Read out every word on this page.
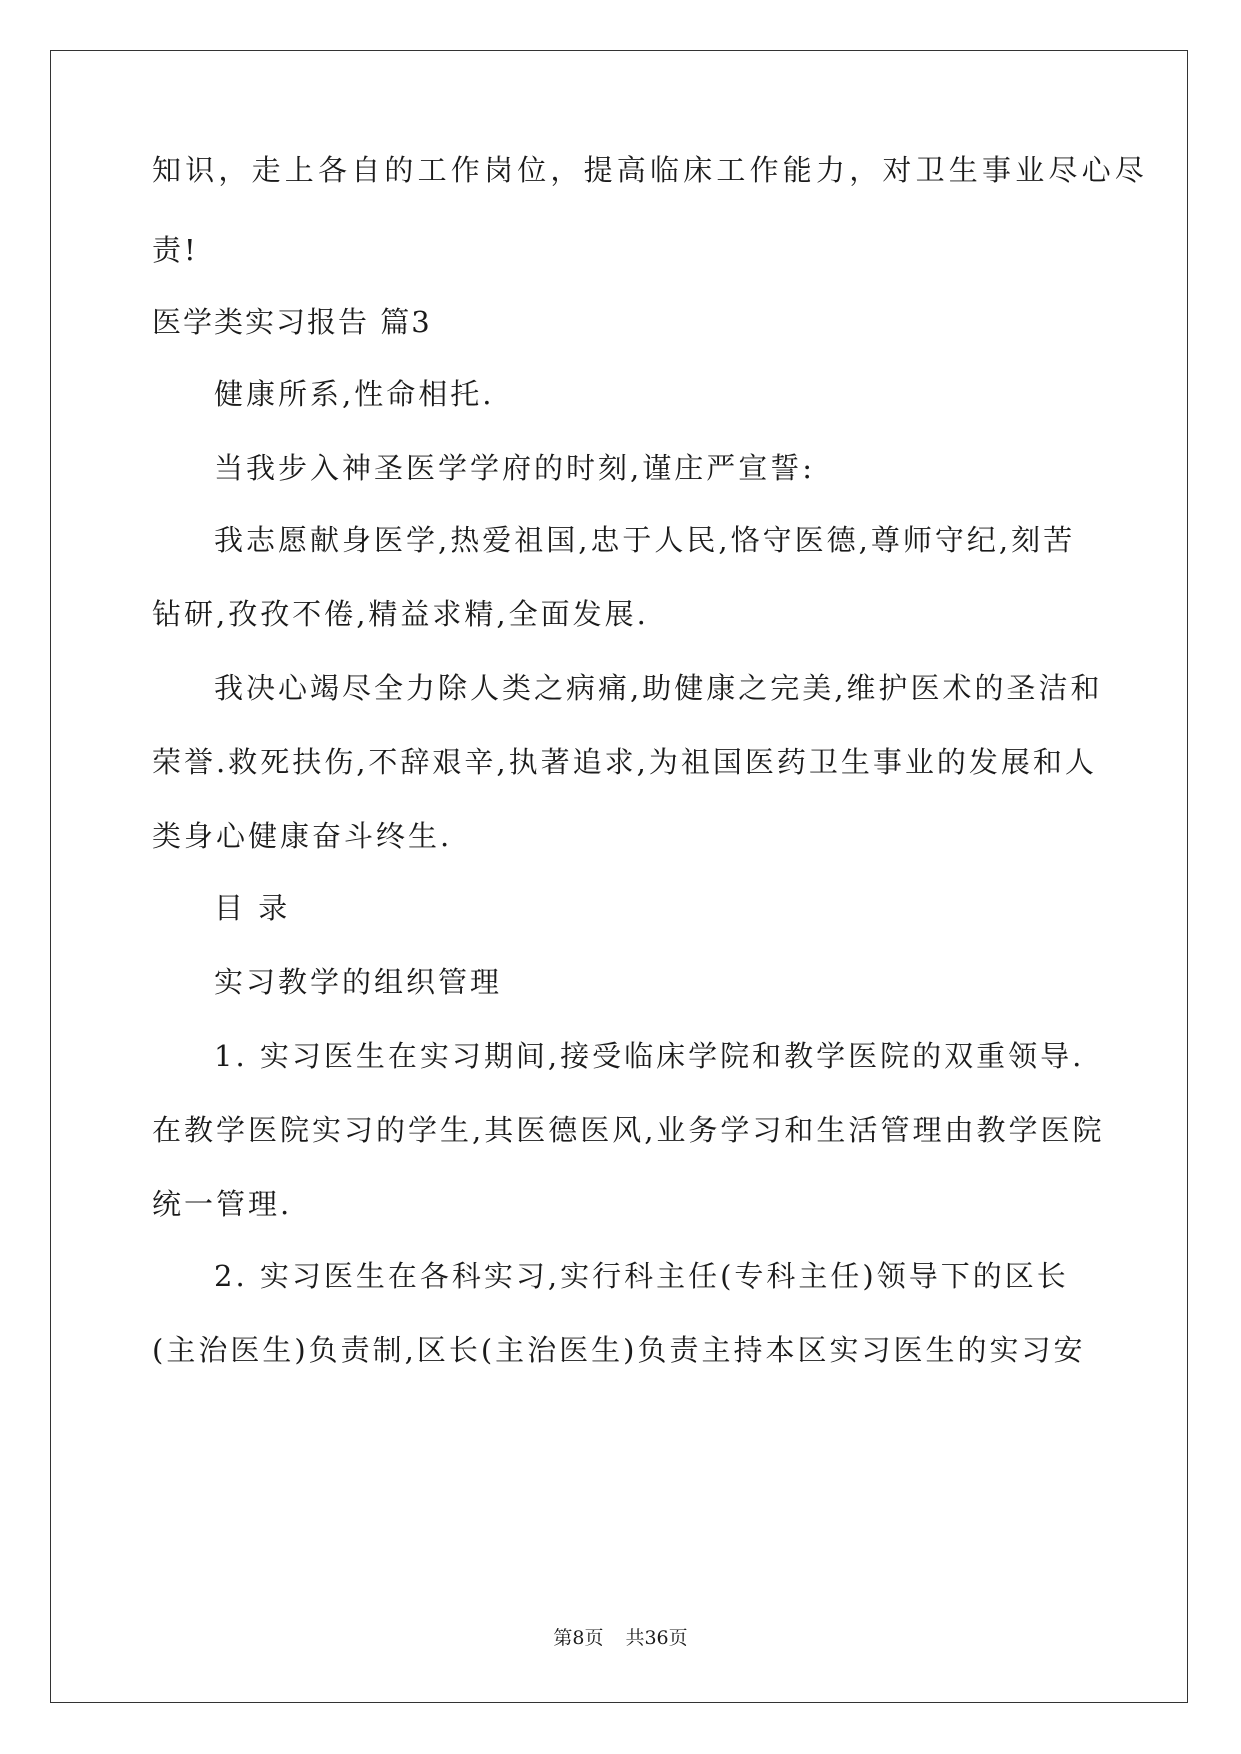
知识，走上各自的工作岗位，提高临床工作能力，对卫生事业尽心尽
责!
医学类实习报告 篇3
健康所系,性命相托.
当我步入神圣医学学府的时刻,谨庄严宣誓:
我志愿献身医学,热爱祖国,忠于人民,恪守医德,尊师守纪,刻苦
钻研,孜孜不倦,精益求精,全面发展.
我决心竭尽全力除人类之病痛,助健康之完美,维护医术的圣洁和
荣誉.救死扶伤,不辞艰辛,执著追求,为祖国医药卫生事业的发展和人
类身心健康奋斗终生.
目 录
实习教学的组织管理
1. 实习医生在实习期间,接受临床学院和教学医院的双重领导.
在教学医院实习的学生,其医德医风,业务学习和生活管理由教学医院
统一管理.
2. 实习医生在各科实习,实行科主任(专科主任)领导下的区长
(主治医生)负责制,区长(主治医生)负责主持本区实习医生的实习安
第8页 共36页
